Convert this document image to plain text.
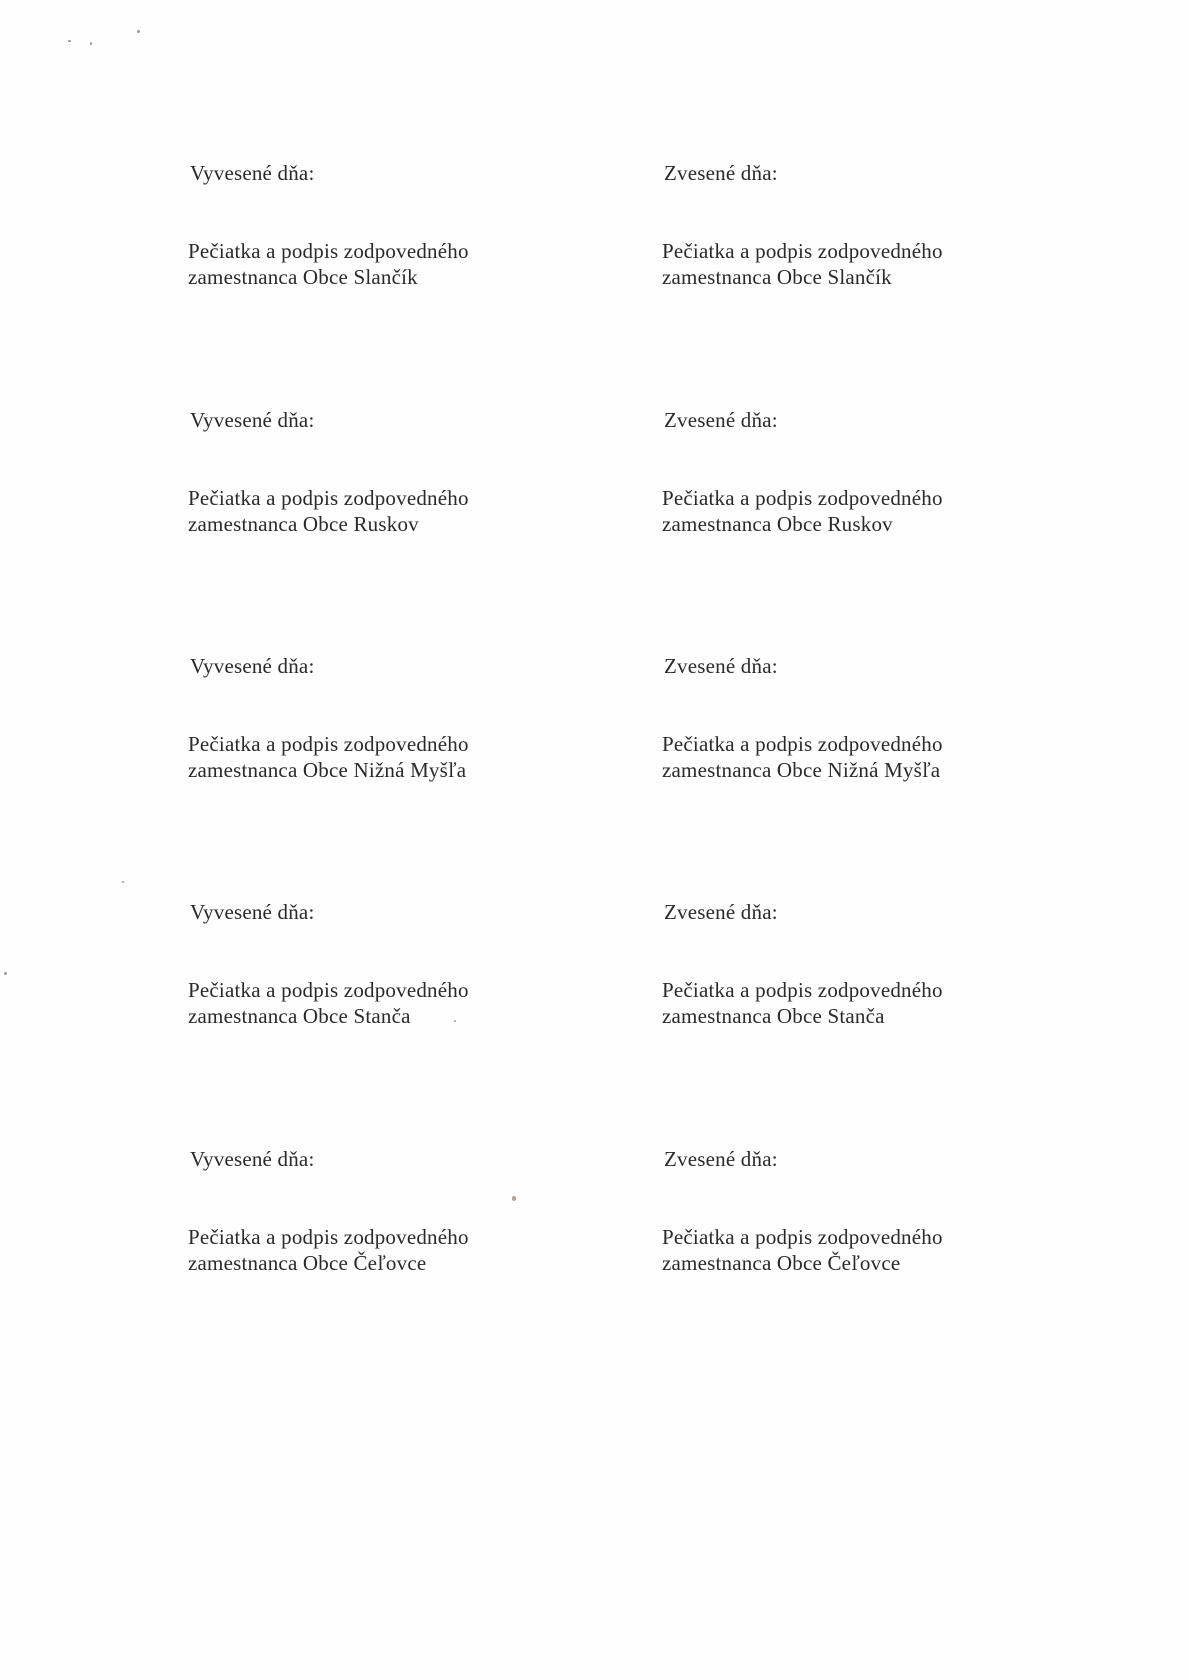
Vyvesené dňa:
Pečiatka a podpis zodpovedného
zamestnanca Obce Slančík
Zvesené dňa:
Pečiatka a podpis zodpovedného
zamestnanca Obce Slančík
Vyvesené dňa:
Pečiatka a podpis zodpovedného
zamestnanca Obce Ruskov
Zvesené dňa:
Pečiatka a podpis zodpovedného
zamestnanca Obce Ruskov
Vyvesené dňa:
Pečiatka a podpis zodpovedného
zamestnanca Obce Nižná Myšľa
Zvesené dňa:
Pečiatka a podpis zodpovedného
zamestnanca Obce Nižná Myšľa
Vyvesené dňa:
Pečiatka a podpis zodpovedného
zamestnanca Obce Stanča
Zvesené dňa:
Pečiatka a podpis zodpovedného
zamestnanca Obce Stanča
Vyvesené dňa:
Pečiatka a podpis zodpovedného
zamestnanca Obce Čeľovce
Zvesené dňa:
Pečiatka a podpis zodpovedného
zamestnanca Obce Čeľovce
